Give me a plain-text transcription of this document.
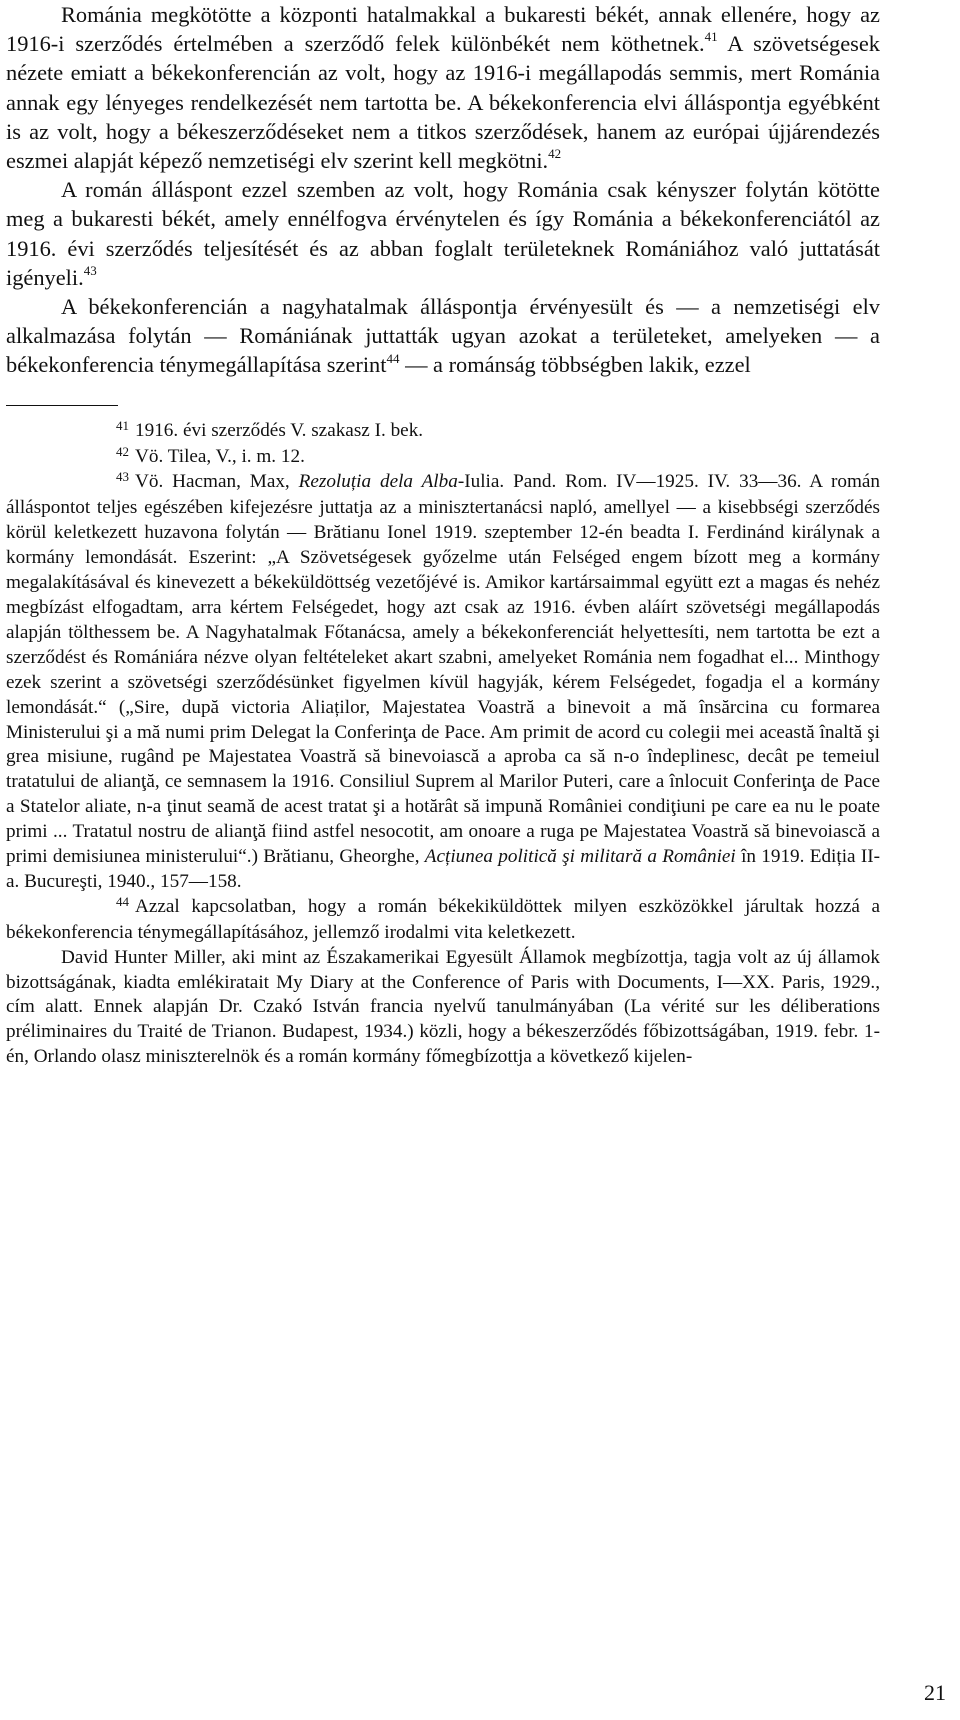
Románia megkötötte a központi hatalmakkal a bukaresti békét, annak ellenére, hogy az 1916-i szerződés értelmében a szerződő felek különbékét nem köthetnek.$^{41}$ A szövetségesek nézete emiatt a békekonferencián az volt, hogy az 1916-i megállapodás semmis, mert Románia annak egy lényeges rendelkezését nem tartotta be. A békekonferencia elvi álláspontja egyébként is az volt, hogy a békeszerződéseket nem a titkos szerződések, hanem az európai újjárendezés eszmei alapját képező nemzetiségi elv szerint kell megkötni.$^{42}$

A román álláspont ezzel szemben az volt, hogy Románia csak kényszer folytán kötötte meg a bukaresti békét, amely ennélfogva érvénytelen és így Románia a békekonferenciától az 1916. évi szerződés teljesítését és az abban foglalt területeknek Romániához való juttatását igényeli.$^{43}$

A békekonferencián a nagyhatalmak álláspontja érvényesült és — a nemzetiségi elv alkalmazása folytán — Romániának juttatták ugyan azokat a területeket, amelyeken — a békekonferencia ténymegállapítása szerint$^{44}$ — a románság többségben lakik, ezzel

41 1916. évi szerződés V. szakasz I. bek.

42 Vö. Tilea, V., i. m. 12.

43 Vö. Hacman, Max, Rezoluția dela Alba-Iulia. Pand. Rom. IV—1925. IV. 33—36. A román álláspontot teljes egészében kifejezésre juttatja az a minisztertanácsi napló, amellyel — a kisebbségi szerződés körül keletkezett huzavona folytán — Brătianu Ionel 1919. szeptember 12-én beadta I. Ferdinánd királynak a kormány lemondását. Eszerint: „A Szövetségesek győzelme után Felséged engem bízott meg a kormány megalakításával és kinevezett a békeküldöttség vezetőjévé is. Amikor kartársaimmal együtt ezt a magas és nehéz megbízást elfogadtam, arra kértem Felségedet, hogy azt csak az 1916. évben aláírt szövetségi megállapodás alapján tölthessem be. A Nagyhatalmak Főtanácsa, amely a békekonferenciát helyettesíti, nem tartotta be ezt a szerződést és Romániára nézve olyan feltételeket akart szabni, amelyeket Románia nem fogadhat el... Minthogy ezek szerint a szövetségi szerződésünket figyelmen kívül hagyják, kérem Felségedet, fogadja el a kormány lemondását.“ („Sire, după victoria Aliaților, Majestatea Voastră a binevoit a mă însărcina cu formarea Ministerului şi a mă numi prim Delegat la Conferinţa de Pace. Am primit de acord cu colegii mei această înaltă şi grea misiune, rugând pe Majestatea Voastră să binevoiască a aproba ca să n-o îndeplinesc, decât pe temeiul tratatului de alianţă, ce semnasem la 1916. Consiliul Suprem al Marilor Puteri, care a înlocuit Conferinţa de Pace a Statelor aliate, n-a ţinut seamă de acest tratat şi a hotărât să impună României condiţiuni pe care ea nu le poate primi ... Tratatul nostru de alianţă fiind astfel nesocotit, am onoare a ruga pe Majestatea Voastră să binevoiască a primi demisiunea ministerului“.) Brătianu, Gheorghe, Acțiunea politică şi militară a României în 1919. Ediția II-a. Bucureşti, 1940., 157—158.

44 Azzal kapcsolatban, hogy a román békekiküldöttek milyen eszközökkel járultak hozzá a békekonferencia ténymegállapításához, jellemző irodalmi vita keletkezett.

David Hunter Miller, aki mint az Északamerikai Egyesült Államok megbízottja, tagja volt az új államok bizottságának, kiadta emlékiratait My Diary at the Conference of Paris with Documents, I—XX. Paris, 1929., cím alatt. Ennek alapján Dr. Czakó István francia nyelvű tanulmányában (La vérité sur les déliberations préliminaires du Traité de Trianon. Budapest, 1934.) közli, hogy a békeszerződés főbizottságában, 1919. febr. 1-én, Orlando olasz miniszterelnök és a román kormány főmegbízottja a következő kijelen-

21
